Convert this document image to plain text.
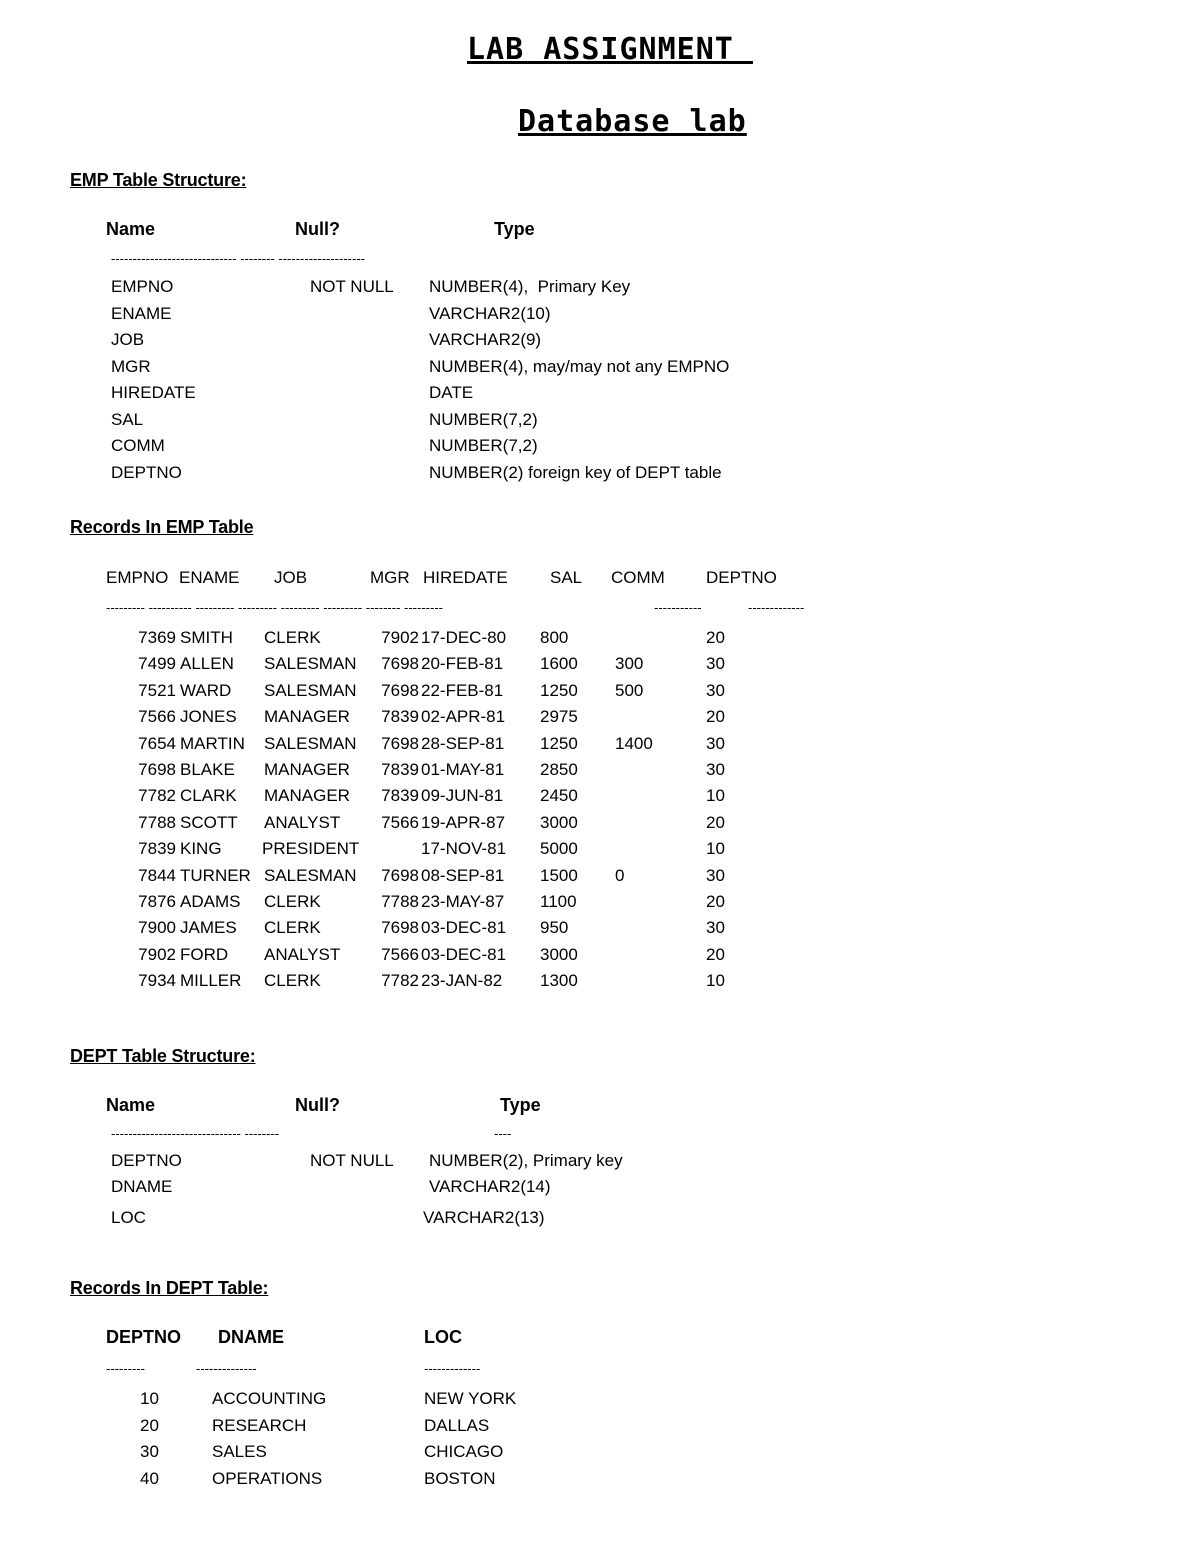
LAB ASSIGNMENT
Database lab
EMP Table Structure:
Name	Null?	Type
----------------------------- -------- --------------------
EMPNO	NOT NULL NUMBER(4),  Primary Key
ENAME	VARCHAR2(10)
JOB	VARCHAR2(9)
MGR	NUMBER(4), may/may not any EMPNO
HIREDATE	DATE
SAL	NUMBER(7,2)
COMM	NUMBER(7,2)
DEPTNO	NUMBER(2) foreign key of DEPT table
Records In EMP Table
EMPNO ENAME JOB	MGR HIREDATE SAL COMM DEPTNO
--------- ---------- --------- --------- --------- --------- -------- ---------	-----------	-------------
7369 SMITH CLERK	7902 17-DEC-80 800	20
7499 ALLEN SALESMAN 7698 20-FEB-81 1600 300	30
7521 WARD SALESMAN 7698 22-FEB-81 1250 500	30
7566 JONES MANAGER 7839 02-APR-81 2975	20
7654 MARTIN SALESMAN 7698 28-SEP-81 1250 1400	30
7698 BLAKE MANAGER 7839 01-MAY-81 2850	30
7782 CLARK MANAGER 7839 09-JUN-81 2450	10
7788 SCOTT ANALYST 7566 19-APR-87 3000	20
7839 KING PRESIDENT	17-NOV-81 5000	10
7844 TURNER SALESMAN 7698 08-SEP-81 1500 0	30
7876 ADAMS CLERK	7788 23-MAY-87 1100	20
7900 JAMES CLERK	7698 03-DEC-81 950	30
7902 FORD ANALYST 7566 03-DEC-81 3000	20
7934 MILLER CLERK	7782 23-JAN-82 1300	10
DEPT Table Structure:
Name	Null?	Type
------------------------------ --------	----
DEPTNO	NOT NULL NUMBER(2), Primary key
DNAME	VARCHAR2(14)
LOC	VARCHAR2(13)
Records In DEPT Table:
DEPTNO DNAME	LOC
---------	--------------	-------------
10	ACCOUNTING	NEW YORK
20	RESEARCH	DALLAS
30	SALES	CHICAGO
40	OPERATIONS	BOSTON
